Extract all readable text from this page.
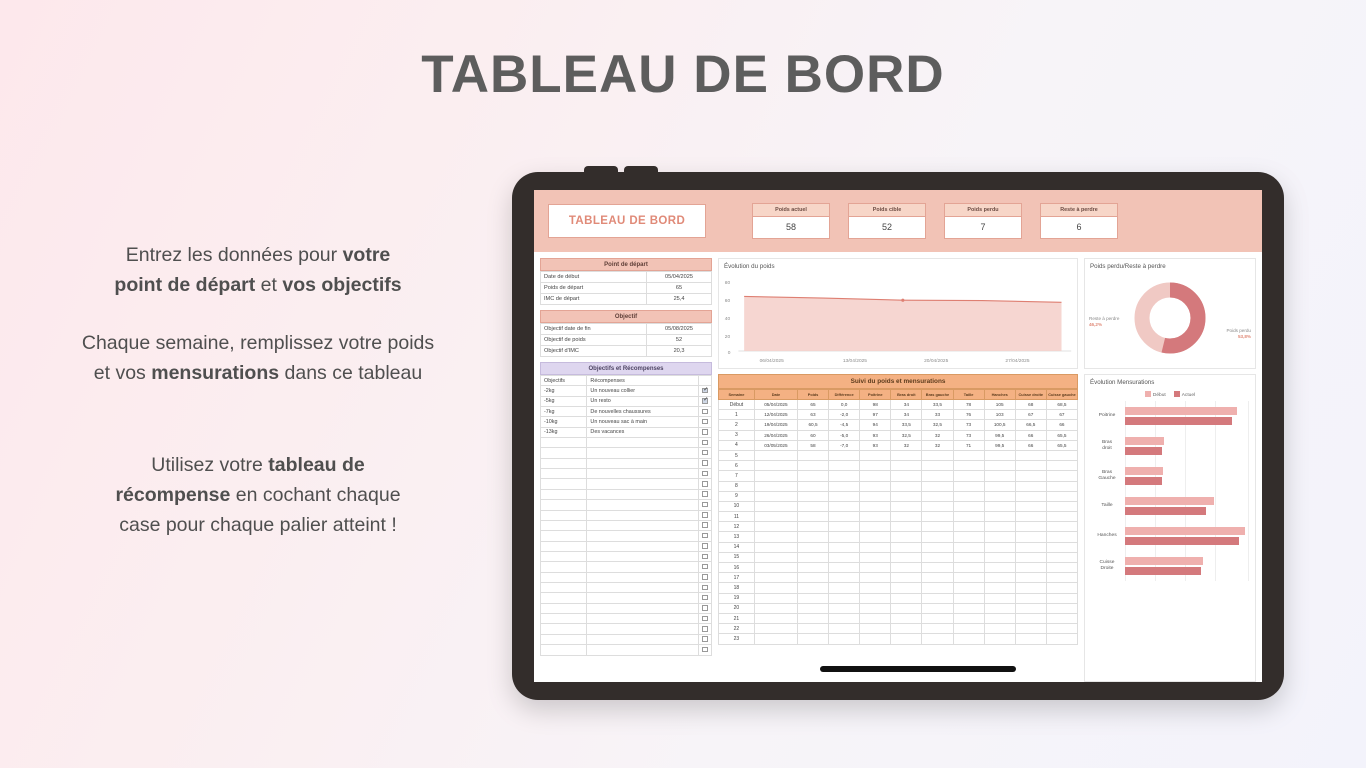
TABLEAU DE BORD

Entrez les données pour votre
point de départ et vos objectifs

Chaque semaine, remplissez votre poids
et vos mensurations dans ce tableau

Utilisez votre tableau de
récompense en cochant chaque
case pour chaque palier atteint !

TABLEAU DE BORD
Poids actuel
58
Poids cible
52
Poids perdu
7
Reste à perdre
6
Point de départ
Date de début	05/04/2025
Poids de départ	65
IMC de départ	25,4
Objectif
Objectif date de fin	05/08/2025
Objectif de poids	52
Objectif d'IMC	20,3
Objectifs et Récompenses
Objectifs	Récompenses	
-2kg	Un nouveau collier	✓
-5kg	Un resto	✓
-7kg	De nouvelles chaussures	
-10kg	Un nouveau sac à main	
-13kg	Des vacances	

Évolution du poids
80
60
40
20
0
06/04/2025	13/04/2025	20/04/2025	27/04/2025
Suivi du poids et mensurations
Semaine	Date	Poids	Différence	Poitrine	Bras droit	Bras gauche	Taille	Hanches	Cuisse droite	Cuisse gauche
Début	05/04/2025	65	0,0	98	34	33,5	78	105	68	68,5
1	12/04/2025	63	-2,0	97	34	33	76	103	67	67
2	19/04/2025	60,5	-4,5	94	33,5	32,5	73	100,5	66,5	66
3	26/04/2025	60	-5,0	93	32,5	32	73	99,5	66	65,5
4	03/05/2025	58	-7,0	93	32	32	71	99,5	66	65,5
5										
6										
7										
8										
9										
10										
11										
12										
13										
14										
15										
16										
17										
18										
19										
20										
21										
22										
23										
Poids perdu/Reste à perdre
Reste à perdre
46,2%
Poids perdu
53,8%
Évolution Mensurations
Début	Actuel
Poitrine
Bras
droit
Bras
Gauche
Taille
Hanches
Cuisse
Droite
